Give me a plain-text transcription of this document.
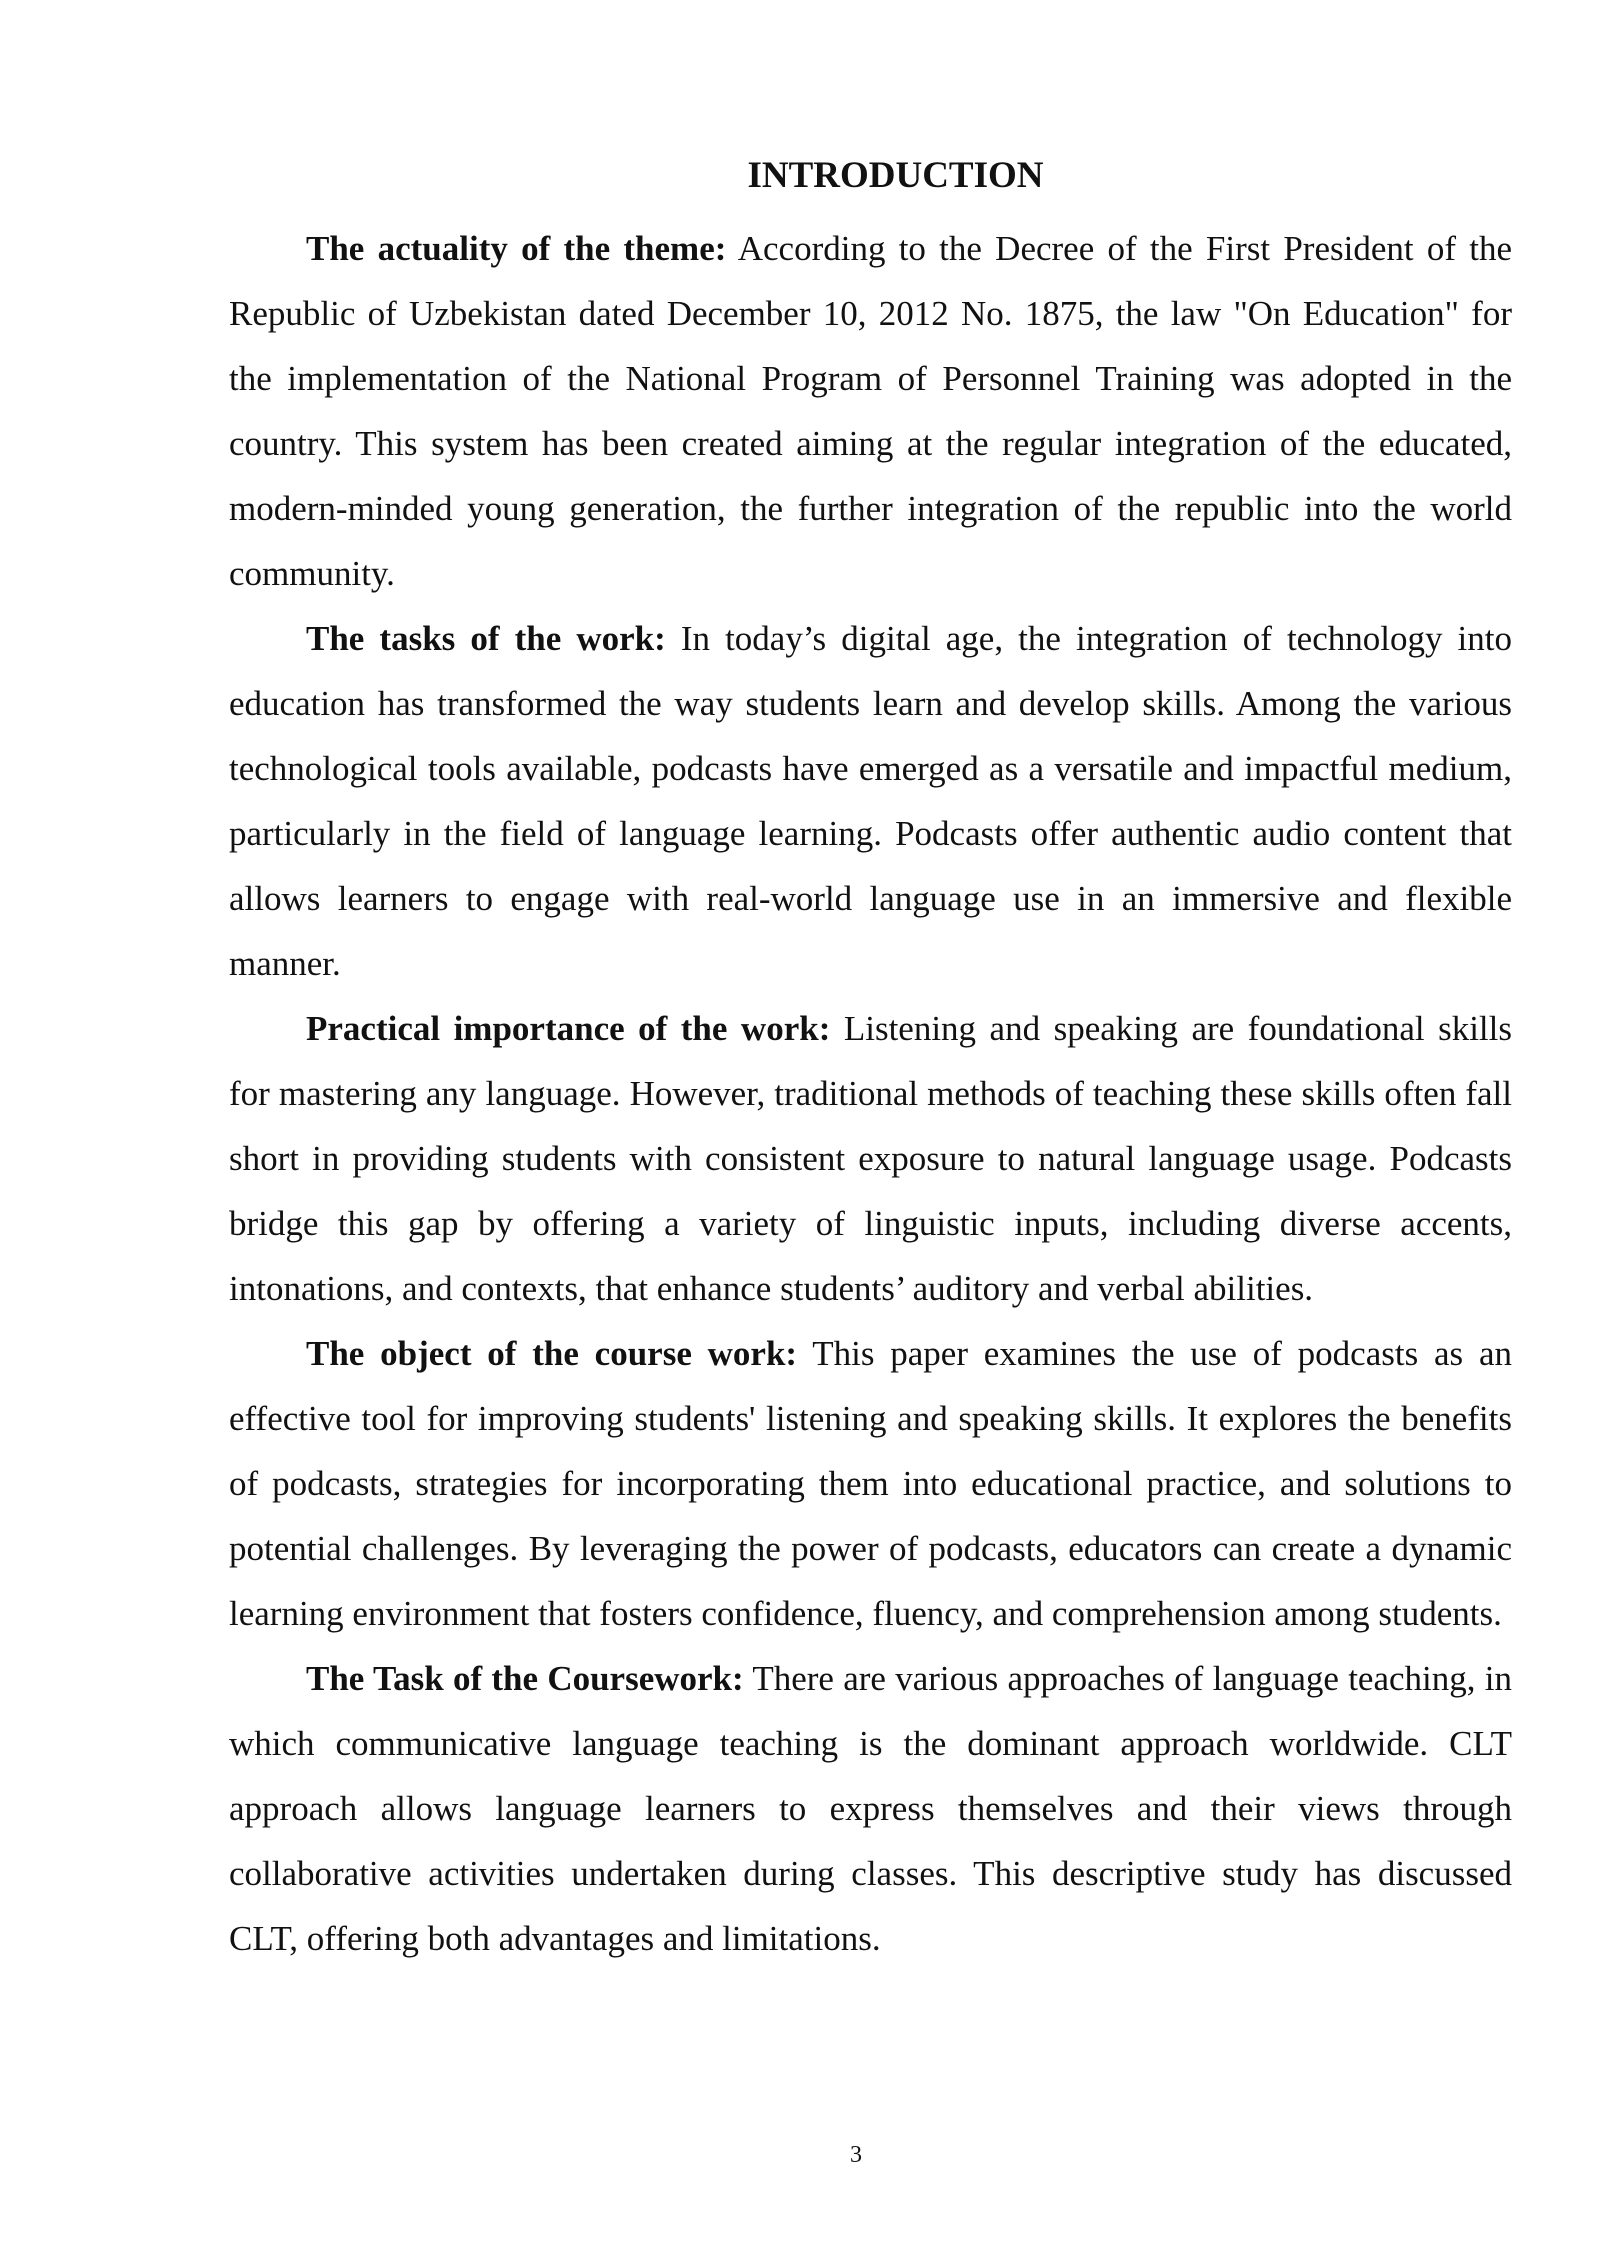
INTRODUCTION

The actuality of the theme: According to the Decree of the First President of the Republic of Uzbekistan dated December 10, 2012 No. 1875, the law "On Education" for the implementation of the National Program of Personnel Training was adopted in the country. This system has been created aiming at the regular integration of the educated, modern-minded young generation, the further integration of the republic into the world community.

The tasks of the work: In today’s digital age, the integration of technology into education has transformed the way students learn and develop skills. Among the various technological tools available, podcasts have emerged as a versatile and impactful medium, particularly in the field of language learning. Podcasts offer authentic audio content that allows learners to engage with real-world language use in an immersive and flexible manner.

Practical importance of the work: Listening and speaking are foundational skills for mastering any language. However, traditional methods of teaching these skills often fall short in providing students with consistent exposure to natural language usage. Podcasts bridge this gap by offering a variety of linguistic inputs, including diverse accents, intonations, and contexts, that enhance students’ auditory and verbal abilities.

The object of the course work: This paper examines the use of podcasts as an effective tool for improving students' listening and speaking skills. It explores the benefits of podcasts, strategies for incorporating them into educational practice, and solutions to potential challenges. By leveraging the power of podcasts, educators can create a dynamic learning environment that fosters confidence, fluency, and comprehension among students.

The Task of the Coursework: There are various approaches of language teaching, in which communicative language teaching is the dominant approach worldwide. CLT approach allows language learners to express themselves and their views through collaborative activities undertaken during classes. This descriptive study has discussed CLT, offering both advantages and limitations.

3
